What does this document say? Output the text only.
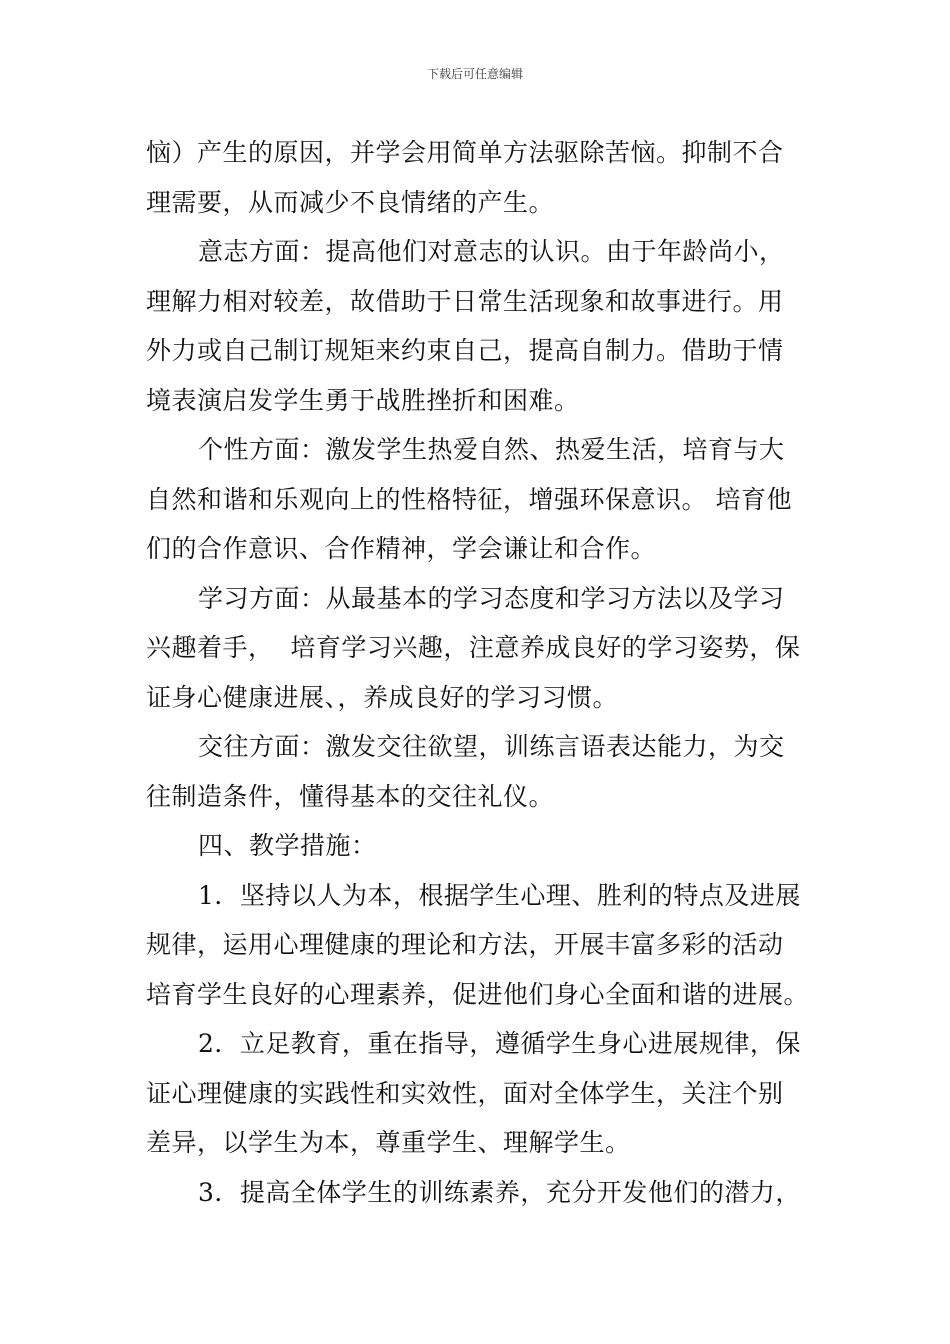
下载后可任意编辑
恼）产生的原因，并学会用简单方法驱除苦恼。抑制不合
理需要，从而减少不良情绪的产生。
意志方面：提高他们对意志的认识。由于年龄尚小，
理解力相对较差，故借助于日常生活现象和故事进行。用
外力或自己制订规矩来约束自己，提高自制力。借助于情
境表演启发学生勇于战胜挫折和困难。
个性方面：激发学生热爱自然、热爱生活，培育与大
自然和谐和乐观向上的性格特征，增强环保意识。 培育他
们的合作意识、合作精神，学会谦让和合作。
学习方面：从最基本的学习态度和学习方法以及学习
兴趣着手，  培育学习兴趣，注意养成良好的学习姿势，保
证身心健康进展、，养成良好的学习习惯。
交往方面：激发交往欲望，训练言语表达能力，为交
往制造条件，懂得基本的交往礼仪。
四、教学措施：
1．坚持以人为本，根据学生心理、胜利的特点及进展
规律，运用心理健康的理论和方法，开展丰富多彩的活动
培育学生良好的心理素养，促进他们身心全面和谐的进展。
2．立足教育，重在指导，遵循学生身心进展规律，保
证心理健康的实践性和实效性，面对全体学生，关注个别
差异，以学生为本，尊重学生、理解学生。
3．提高全体学生的训练素养，充分开发他们的潜力，
